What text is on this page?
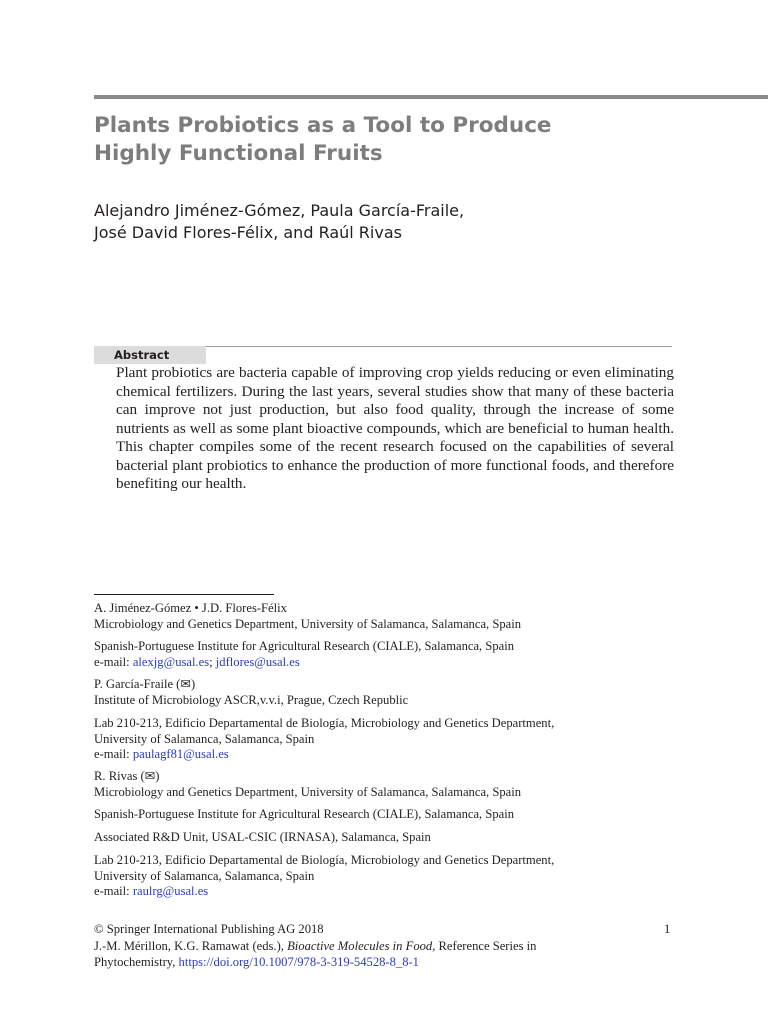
Plants Probiotics as a Tool to Produce
Highly Functional Fruits
Alejandro Jiménez-Gómez, Paula García-Fraile,
José David Flores-Félix, and Raúl Rivas
Abstract
Plant probiotics are bacteria capable of improving crop yields reducing or even eliminating chemical fertilizers. During the last years, several studies show that many of these bacteria can improve not just production, but also food quality, through the increase of some nutrients as well as some plant bioactive compounds, which are beneficial to human health. This chapter compiles some of the recent research focused on the capabilities of several bacterial plant probiotics to enhance the production of more functional foods, and therefore benefiting our health.
A. Jiménez-Gómez • J.D. Flores-Félix
Microbiology and Genetics Department, University of Salamanca, Salamanca, Spain
Spanish-Portuguese Institute for Agricultural Research (CIALE), Salamanca, Spain
e-mail: alexjg@usal.es; jdflores@usal.es
P. García-Fraile (✉)
Institute of Microbiology ASCR,v.v.i, Prague, Czech Republic
Lab 210-213, Edificio Departamental de Biología, Microbiology and Genetics Department,
University of Salamanca, Salamanca, Spain
e-mail: paulagf81@usal.es
R. Rivas (✉)
Microbiology and Genetics Department, University of Salamanca, Salamanca, Spain
Spanish-Portuguese Institute for Agricultural Research (CIALE), Salamanca, Spain
Associated R&D Unit, USAL-CSIC (IRNASA), Salamanca, Spain
Lab 210-213, Edificio Departamental de Biología, Microbiology and Genetics Department,
University of Salamanca, Salamanca, Spain
e-mail: raulrg@usal.es
© Springer International Publishing AG 2018
J.-M. Mérillon, K.G. Ramawat (eds.), Bioactive Molecules in Food, Reference Series in
Phytochemistry, https://doi.org/10.1007/978-3-319-54528-8_8-1
1
